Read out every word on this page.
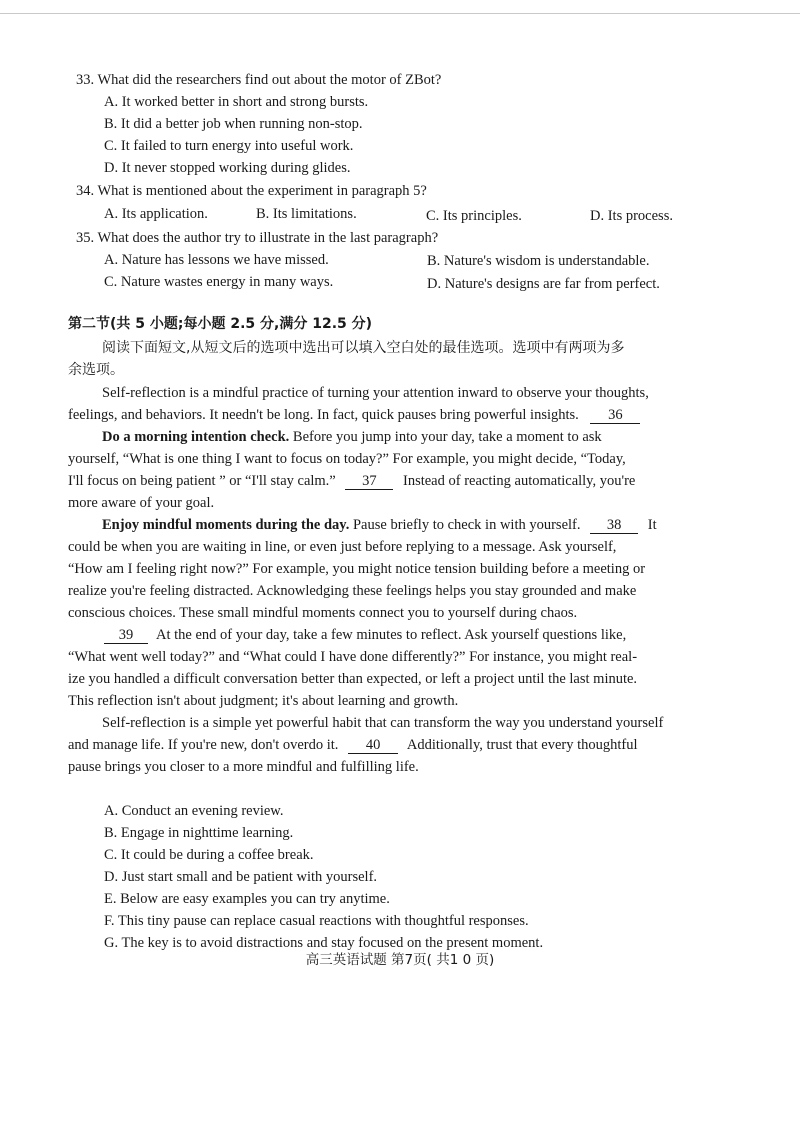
33. What did the researchers find out about the motor of ZBot?
A. It worked better in short and strong bursts.
B. It did a better job when running non-stop.
C. It failed to turn energy into useful work.
D. It never stopped working during glides.
34. What is mentioned about the experiment in paragraph 5?
A. Its application.	B. Its limitations.	C. Its principles.	D. Its process.
35. What does the author try to illustrate in the last paragraph?
A. Nature has lessons we have missed.	B. Nature's wisdom is understandable.
C. Nature wastes energy in many ways.	D. Nature's designs are far from perfect.
第二节(共 5 小题;每小题 2.5 分,满分 12.5 分)
阅读下面短文,从短文后的选项中选出可以填入空白处的最佳选项。选项中有两项为多
余选项。
Self-reflection is a mindful practice of turning your attention inward to observe your thoughts,
feelings, and behaviors. It needn't be long. In fact, quick pauses bring powerful insights. 36
Do a morning intention check. Before you jump into your day, take a moment to ask
yourself, “What is one thing I want to focus on today?” For example, you might decide, “Today,
I'll focus on being patient ” or “I'll stay calm.” 37 Instead of reacting automatically, you're
more aware of your goal.
Enjoy mindful moments during the day. Pause briefly to check in with yourself. 38 It
could be when you are waiting in line, or even just before replying to a message. Ask yourself,
“How am I feeling right now?” For example, you might notice tension building before a meeting or
realize you're feeling distracted. Acknowledging these feelings helps you stay grounded and make
conscious choices. These small mindful moments connect you to yourself during chaos.
39 At the end of your day, take a few minutes to reflect. Ask yourself questions like,
“What went well today?” and “What could I have done differently?” For instance, you might real-
ize you handled a difficult conversation better than expected, or left a project until the last minute.
This reflection isn't about judgment; it's about learning and growth.
Self-reflection is a simple yet powerful habit that can transform the way you understand yourself
and manage life. If you're new, don't overdo it. 40 Additionally, trust that every thoughtful
pause brings you closer to a more mindful and fulfilling life.
A. Conduct an evening review.
B. Engage in nighttime learning.
C. It could be during a coffee break.
D. Just start small and be patient with yourself.
E. Below are easy examples you can try anytime.
F. This tiny pause can replace casual reactions with thoughtful responses.
G. The key is to avoid distractions and stay focused on the present moment.
高三英语试题 第7页( 共1 0 页)
